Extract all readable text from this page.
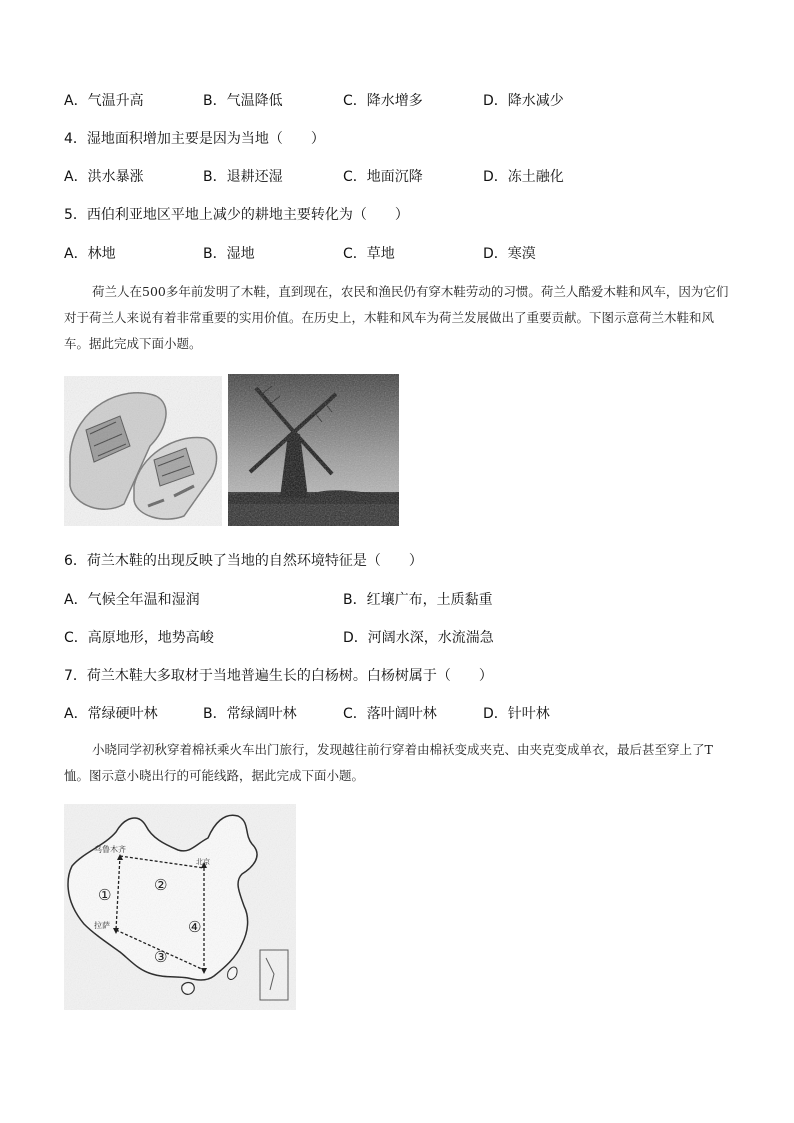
A．气温升高	B．气温降低	C．降水增多	D．降水减少
4．湿地面积增加主要是因为当地（　　）
A．洪水暴涨	B．退耕还湿	C．地面沉降	D．冻土融化
5．西伯利亚地区平地上减少的耕地主要转化为（　　）
A．林地	B．湿地	C．草地	D．寒漠
荷兰人在500多年前发明了木鞋，直到现在，农民和渔民仍有穿木鞋劳动的习惯。荷兰人酷爱木鞋和风车，因为它们对于荷兰人来说有着非常重要的实用价值。在历史上，木鞋和风车为荷兰发展做出了重要贡献。下图示意荷兰木鞋和风车。据此完成下面小题。
6．荷兰木鞋的出现反映了当地的自然环境特征是（　　）
A．气候全年温和湿润	B．红壤广布，土质黏重
C．高原地形，地势高峻	D．河阔水深，水流湍急
7．荷兰木鞋大多取材于当地普遍生长的白杨树。白杨树属于（　　）
A．常绿硬叶林	B．常绿阔叶林	C．落叶阔叶林	D．针叶林
小晓同学初秋穿着棉袄乘火车出门旅行，发现越往前行穿着由棉袄变成夹克、由夹克变成单衣，最后甚至穿上了T恤。图示意小晓出行的可能线路，据此完成下面小题。
